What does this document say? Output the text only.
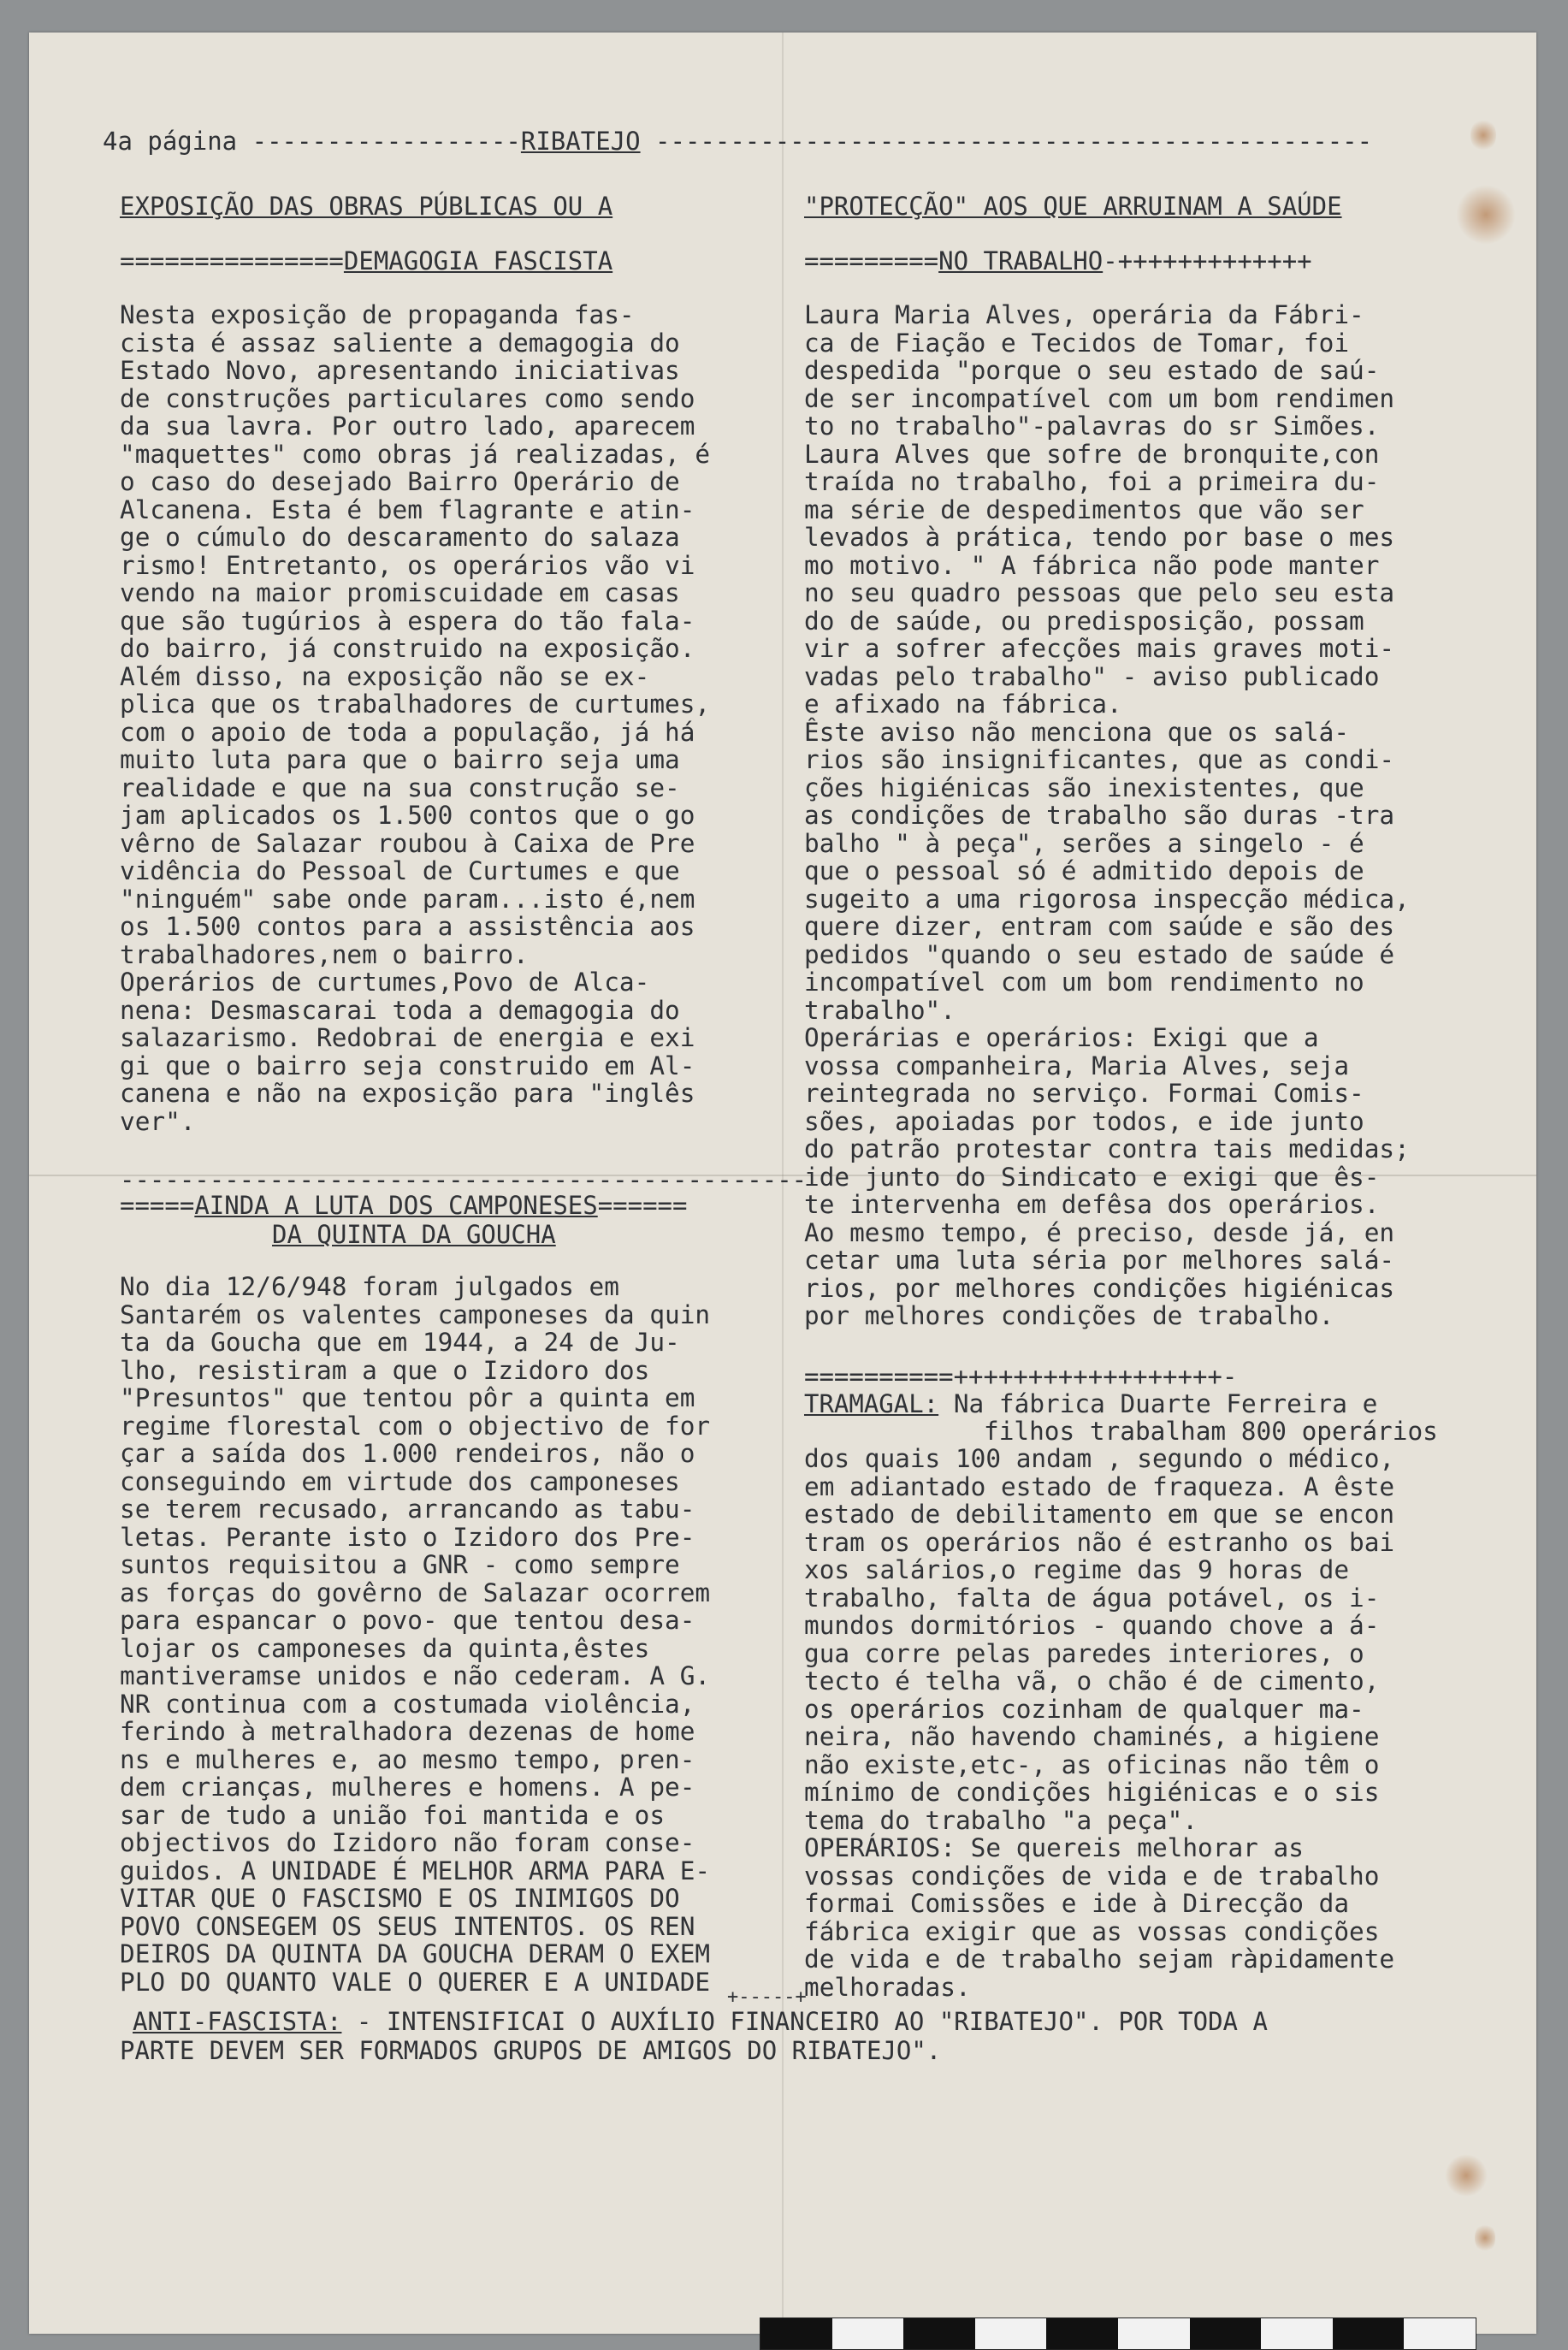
4a página ------------------RIBATEJO ------------------------------------------------
EXPOSIÇÃO DAS OBRAS PÚBLICAS OU A
===============DEMAGOGIA FASCISTA
"PROTECÇÃO" AOS QUE ARRUINAM A SAÚDE
=========NO TRABALHO-+++++++++++++
Nesta exposição de propaganda fas-
cista é assaz saliente a demagogia do
Estado Novo, apresentando iniciativas
de construções particulares como sendo
da sua lavra. Por outro lado, aparecem
"maquettes" como obras já realizadas, é
o caso do desejado Bairro Operário de
Alcanena. Esta é bem flagrante e atin-
ge o cúmulo do descaramento do salaza
rismo! Entretanto, os operários vão vi
vendo na maior promiscuidade em casas
que são tugúrios à espera do tão fala-
do bairro, já construido na exposição.
Além disso, na exposição não se ex-
plica que os trabalhadores de curtumes,
com o apoio de toda a população, já há
muito luta para que o bairro seja uma
realidade e que na sua construção se-
jam aplicados os 1.500 contos que o go
vêrno de Salazar roubou à Caixa de Pre
vidência do Pessoal de Curtumes e que
"ninguém" sabe onde param...isto é,nem
os 1.500 contos para a assistência aos
trabalhadores,nem o bairro.
Operários de curtumes,Povo de Alca-
nena: Desmascarai toda a demagogia do
salazarismo. Redobrai de energia e exi
gi que o bairro seja construido em Al-
canena e não na exposição para "inglês
ver".
----------------------------------------------
=====AINDA A LUTA DOS CAMPONESES======
DA QUINTA DA GOUCHA
No dia 12/6/948 foram julgados em
Santarém os valentes camponeses da quin
ta da Goucha que em 1944, a 24 de Ju-
lho, resistiram a que o Izidoro dos
"Presuntos" que tentou pôr a quinta em
regime florestal com o objectivo de for
çar a saída dos 1.000 rendeiros, não o
conseguindo em virtude dos camponeses
se terem recusado, arrancando as tabu-
letas. Perante isto o Izidoro dos Pre-
suntos requisitou a GNR - como sempre
as forças do govêrno de Salazar ocorrem
para espancar o povo- que tentou desa-
lojar os camponeses da quinta,êstes
mantiveramse unidos e não cederam. A G.
NR continua com a costumada violência,
ferindo à metralhadora dezenas de home
ns e mulheres e, ao mesmo tempo, pren-
dem crianças, mulheres e homens. A pe-
sar de tudo a união foi mantida e os
objectivos do Izidoro não foram conse-
guidos. A UNIDADE É MELHOR ARMA PARA E-
VITAR QUE O FASCISMO E OS INIMIGOS DO
POVO CONSEGEM OS SEUS INTENTOS. OS REN
DEIROS DA QUINTA DA GOUCHA DERAM O EXEM
PLO DO QUANTO VALE O QUERER E A UNIDADE
Laura Maria Alves, operária da Fábri-
ca de Fiação e Tecidos de Tomar, foi
despedida "porque o seu estado de saú-
de ser incompatível com um bom rendimen
to no trabalho"-palavras do sr Simões.
Laura Alves que sofre de bronquite,con
traída no trabalho, foi a primeira du-
ma série de despedimentos que vão ser
levados à prática, tendo por base o mes
mo motivo. " A fábrica não pode manter
no seu quadro pessoas que pelo seu esta
do de saúde, ou predisposição, possam
vir a sofrer afecções mais graves moti-
vadas pelo trabalho" - aviso publicado
e afixado na fábrica.
Êste aviso não menciona que os salá-
rios são insignificantes, que as condi-
ções higiénicas são inexistentes, que
as condições de trabalho são duras -tra
balho " à peça", serões a singelo - é
que o pessoal só é admitido depois de
sugeito a uma rigorosa inspecção médica,
quere dizer, entram com saúde e são des
pedidos "quando o seu estado de saúde é
incompatível com um bom rendimento no
trabalho".
Operárias e operários: Exigi que a
vossa companheira, Maria Alves, seja
reintegrada no serviço. Formai Comis-
sões, apoiadas por todos, e ide junto
do patrão protestar contra tais medidas;
ide junto do Sindicato e exigi que ês-
te intervenha em defêsa dos operários.
Ao mesmo tempo, é preciso, desde já, en
cetar uma luta séria por melhores salá-
rios, por melhores condições higiénicas
por melhores condições de trabalho.
==========++++++++++++++++++-
TRAMAGAL: Na fábrica Duarte Ferreira e
filhos trabalham 800 operários
dos quais 100 andam , segundo o médico,
em adiantado estado de fraqueza. A êste
estado de debilitamento em que se encon
tram os operários não é estranho os bai
xos salários,o regime das 9 horas de
trabalho, falta de água potável, os i-
mundos dormitórios - quando chove a á-
gua corre pelas paredes interiores, o
tecto é telha vã, o chão é de cimento,
os operários cozinham de qualquer ma-
neira, não havendo chaminés, a higiene
não existe,etc-, as oficinas não têm o
mínimo de condições higiénicas e o sis
tema do trabalho "a peça".
OPERÁRIOS: Se quereis melhorar as
vossas condições de vida e de trabalho
formai Comissões e ide à Direcção da
fábrica exigir que as vossas condições
de vida e de trabalho sejam ràpidamente
melhoradas.
+-----+
ANTI-FASCISTA: - INTENSIFICAI O AUXÍLIO FINANCEIRO AO "RIBATEJO". POR TODA A
PARTE DEVEM SER FORMADOS GRUPOS DE AMIGOS DO RIBATEJO".
